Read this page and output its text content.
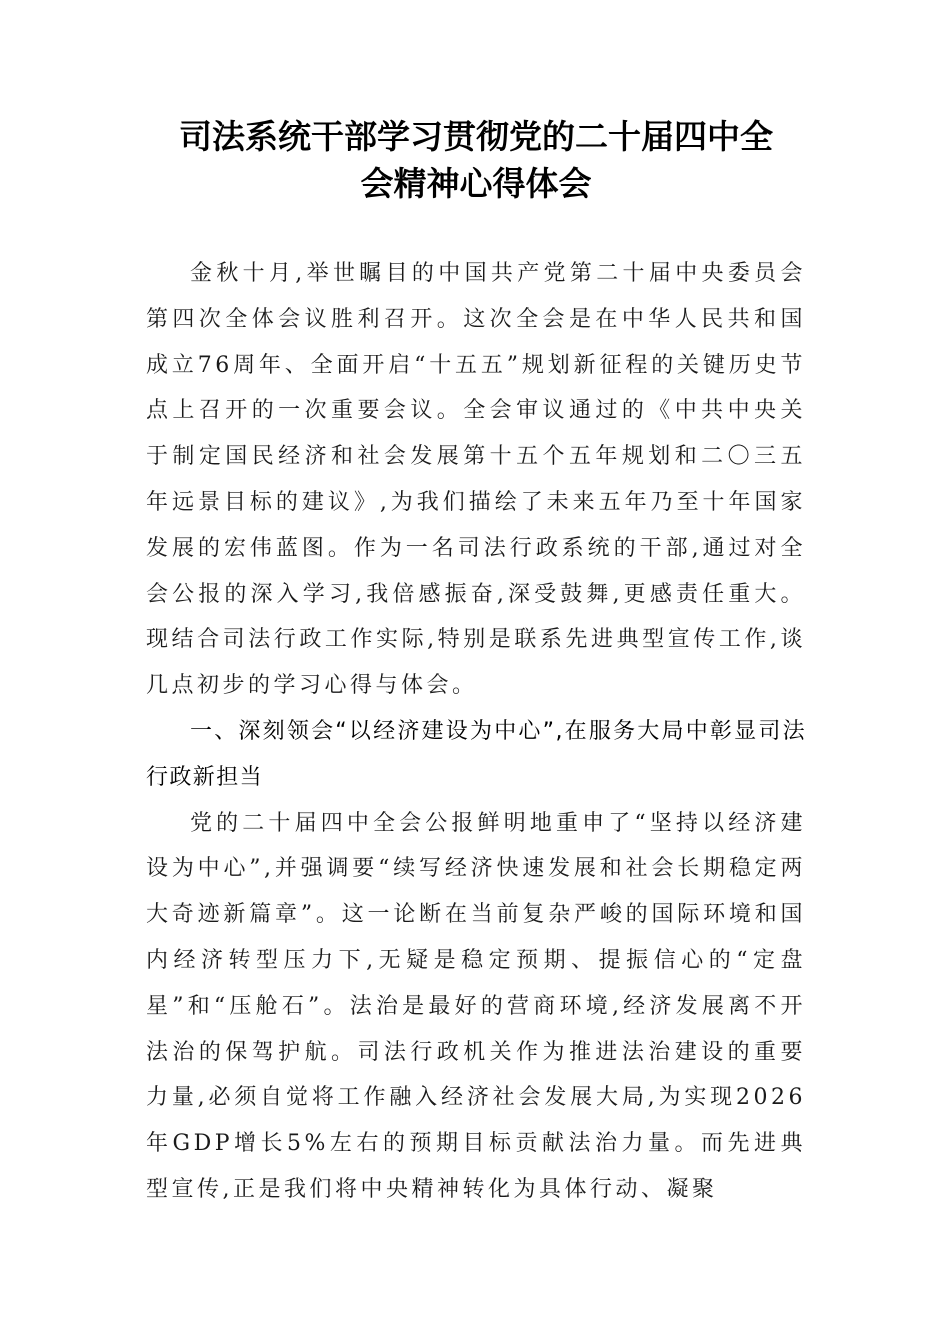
司法系统干部学习贯彻党的二十届四中全
会精神心得体会

金秋十月,举世瞩目的中国共产党第二十届中央委员会第四次全体会议胜利召开。这次全会是在中华人民共和国成立76周年、全面开启“十五五”规划新征程的关键历史节点上召开的一次重要会议。全会审议通过的《中共中央关于制定国民经济和社会发展第十五个五年规划和二〇三五年远景目标的建议》,为我们描绘了未来五年乃至十年国家发展的宏伟蓝图。作为一名司法行政系统的干部,通过对全会公报的深入学习,我倍感振奋,深受鼓舞,更感责任重大。现结合司法行政工作实际,特别是联系先进典型宣传工作,谈几点初步的学习心得与体会。

一、深刻领会“以经济建设为中心”,在服务大局中彰显司法行政新担当

党的二十届四中全会公报鲜明地重申了“坚持以经济建设为中心”,并强调要“续写经济快速发展和社会长期稳定两大奇迹新篇章”。这一论断在当前复杂严峻的国际环境和国内经济转型压力下,无疑是稳定预期、提振信心的“定盘星”和“压舱石”。法治是最好的营商环境,经济发展离不开法治的保驾护航。司法行政机关作为推进法治建设的重要力量,必须自觉将工作融入经济社会发展大局,为实现2026年GDP增长5%左右的预期目标贡献法治力量。而先进典型宣传,正是我们将中央精神转化为具体行动、凝聚
